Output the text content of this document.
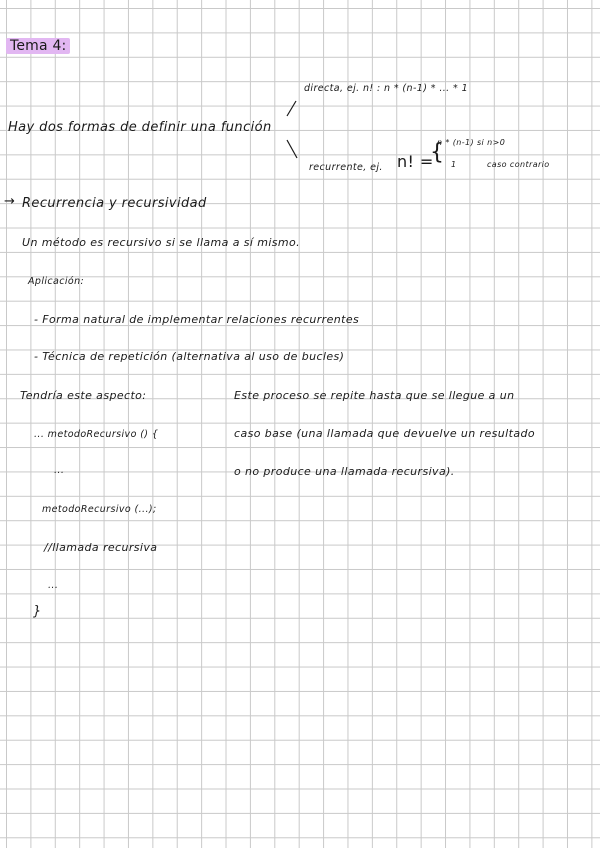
Tema 4:
Hay dos formas de definir una función
directa, ej. n! : n * (n-1) * ... * 1
recurrente, ej. n! =
{
n * (n-1) si n>0
1	caso contrario
→ Recurrencia y recursividad
Un método es recursivo si se llama a sí mismo.
Aplicación:
- Forma natural de implementar relaciones recurrentes
- Técnica de repetición (alternativa al uso de bucles)
Tendría este aspecto:
... metodoRecursivo () {
...
metodoRecursivo (...);
//llamada recursiva
...
}
Este proceso se repite hasta que se llegue a un
caso base (una llamada que devuelve un resultado
o no produce una llamada recursiva).
